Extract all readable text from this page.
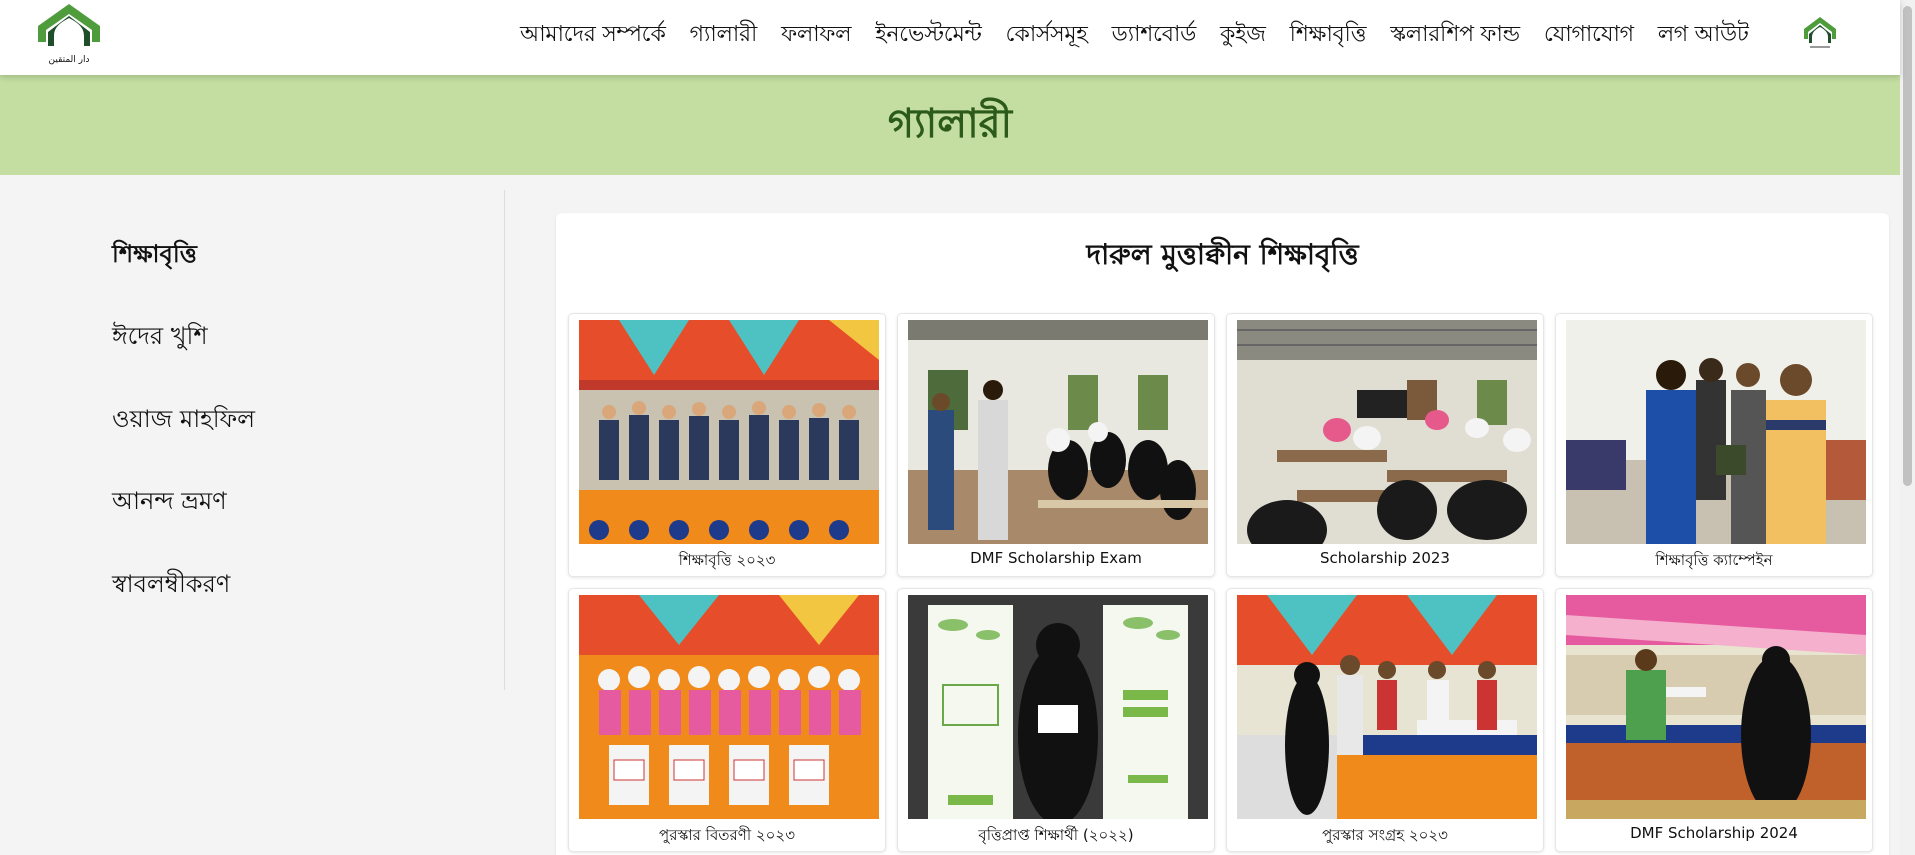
دار المتقين
আমাদের সম্পর্কে গ্যালারী ফলাফল ইনভেস্টমেন্ট কোর্সসমূহ ড্যাশবোর্ড কুইজ শিক্ষাবৃত্তি স্কলারশিপ ফান্ড যোগাযোগ লগ আউট
গ্যালারী
শিক্ষাবৃত্তি
ঈদের খুশি
ওয়াজ মাহফিল
আনন্দ ভ্রমণ
স্বাবলম্বীকরণ
দারুল মুত্তাক্বীন শিক্ষাবৃত্তি
শিক্ষাবৃত্তি ২০২৩	DMF Scholarship Exam	Scholarship 2023	শিক্ষাবৃত্তি ক্যাম্পেইন
পুরস্কার বিতরণী ২০২৩	বৃত্তিপ্রাপ্ত শিক্ষার্থী (২০২২)	পুরস্কার সংগ্রহ ২০২৩	DMF Scholarship 2024
